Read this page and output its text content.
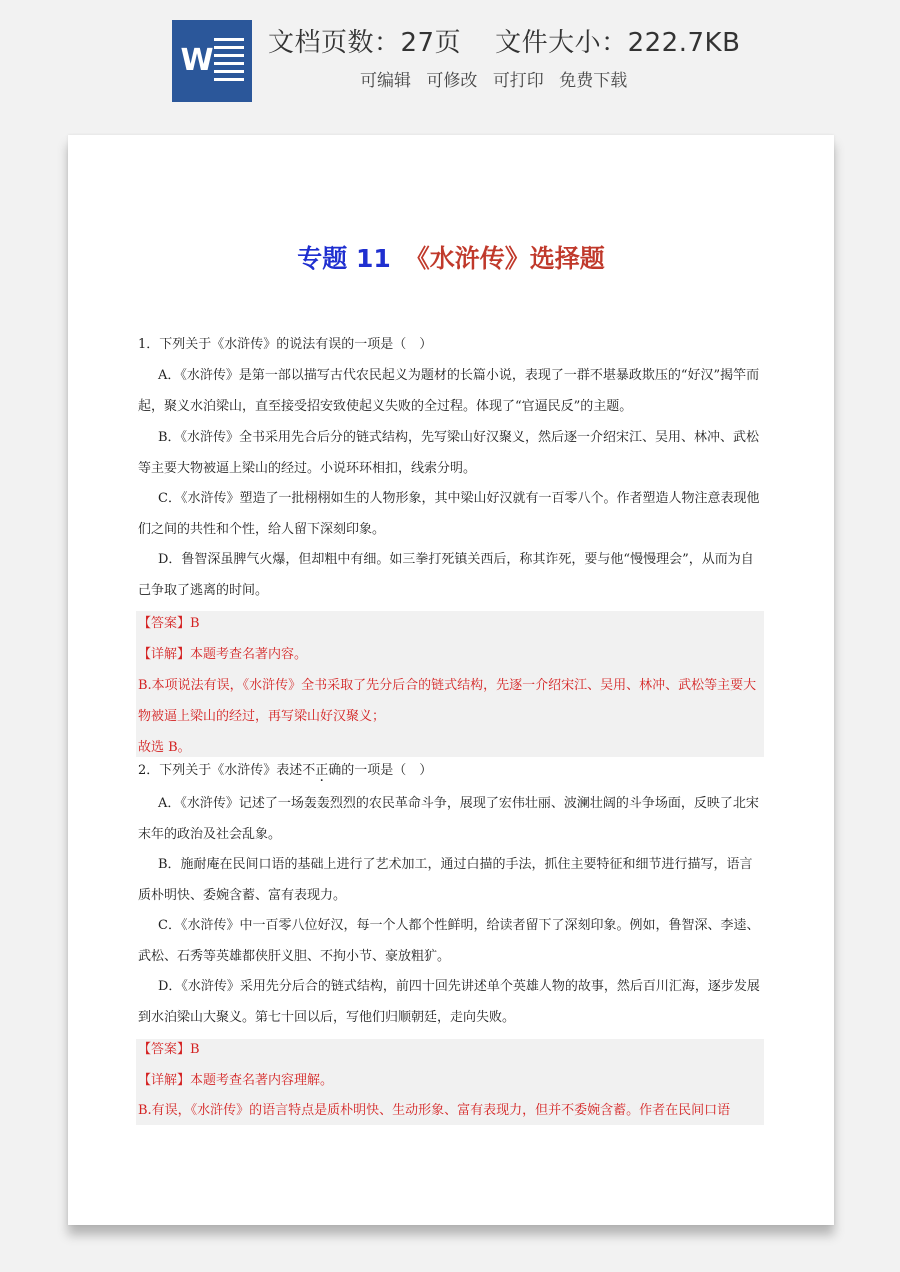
W 文档页数：27页 文件大小：222.7KB
可编辑 可修改 可打印 免费下载
专题 11 《水浒传》选择题
1．下列关于《水浒传》的说法有误的一项是（　）
A．《水浒传》是第一部以描写古代农民起义为题材的长篇小说，表现了一群不堪暴政欺压的“好汉”揭竿而起，聚义水泊梁山，直至接受招安致使起义失败的全过程。体现了“官逼民反”的主题。
B．《水浒传》全书采用先合后分的链式结构，先写梁山好汉聚义，然后逐一介绍宋江、吴用、林冲、武松等主要大物被逼上梁山的经过。小说环环相扣，线索分明。
C．《水浒传》塑造了一批栩栩如生的人物形象，其中梁山好汉就有一百零八个。作者塑造人物注意表现他们之间的共性和个性，给人留下深刻印象。
D．鲁智深虽脾气火爆，但却粗中有细。如三拳打死镇关西后，称其诈死，要与他“慢慢理会”，从而为自己争取了逃离的时间。
【答案】B
【详解】本题考查名著内容。
B.本项说法有误，《水浒传》全书采取了先分后合的链式结构，先逐一介绍宋江、吴用、林冲、武松等主要大物被逼上梁山的经过，再写梁山好汉聚义；
故选 B。
2．下列关于《水浒传》表述不正确的一项是（　）
A．《水浒传》记述了一场轰轰烈烈的农民革命斗争，展现了宏伟壮丽、波澜壮阔的斗争场面，反映了北宋末年的政治及社会乱象。
B．施耐庵在民间口语的基础上进行了艺术加工，通过白描的手法，抓住主要特征和细节进行描写，语言质朴明快、委婉含蓄、富有表现力。
C．《水浒传》中一百零八位好汉，每一个人都个性鲜明，给读者留下了深刻印象。例如，鲁智深、李逵、武松、石秀等英雄都侠肝义胆、不拘小节、豪放粗犷。
D．《水浒传》采用先分后合的链式结构，前四十回先讲述单个英雄人物的故事，然后百川汇海，逐步发展到水泊梁山大聚义。第七十回以后，写他们归顺朝廷，走向失败。
【答案】B
【详解】本题考查名著内容理解。
B.有误，《水浒传》的语言特点是质朴明快、生动形象、富有表现力，但并不委婉含蓄。作者在民间口语
